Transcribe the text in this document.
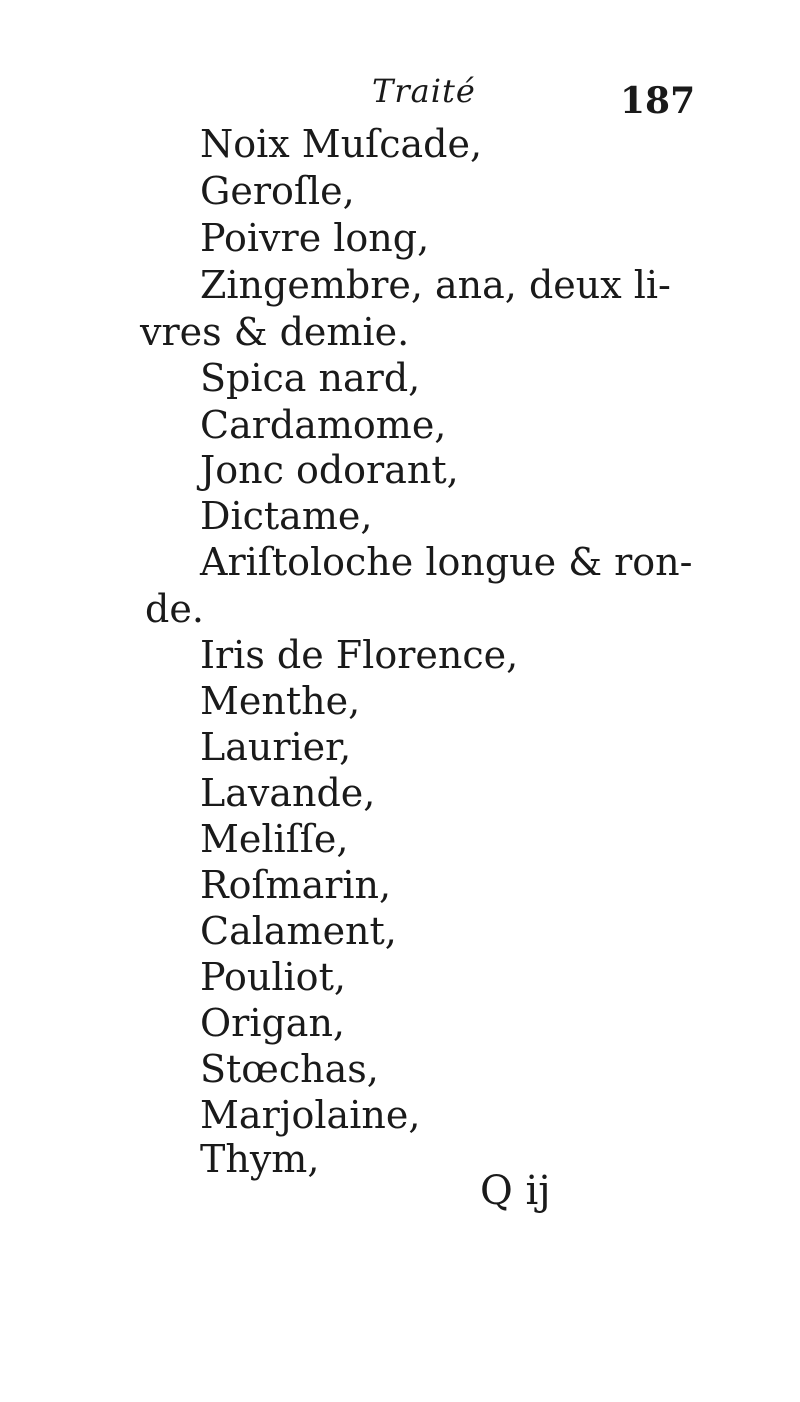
Traité	187
Noix Muſcade,
Geroſle,
Poivre long,
Zingembre, ana, deux li-
vres & demie.
Spica nard,
Cardamome,
Jonc odorant,
Dictame,
Ariſtoloche longue & ron-
de.
Iris de Florence,
Menthe,
Laurier,
Lavande,
Meliſſe,
Roſmarin,
Calament,
Pouliot,
Origan,
Stœchas,
Marjolaine,
Thym,
Q ij
